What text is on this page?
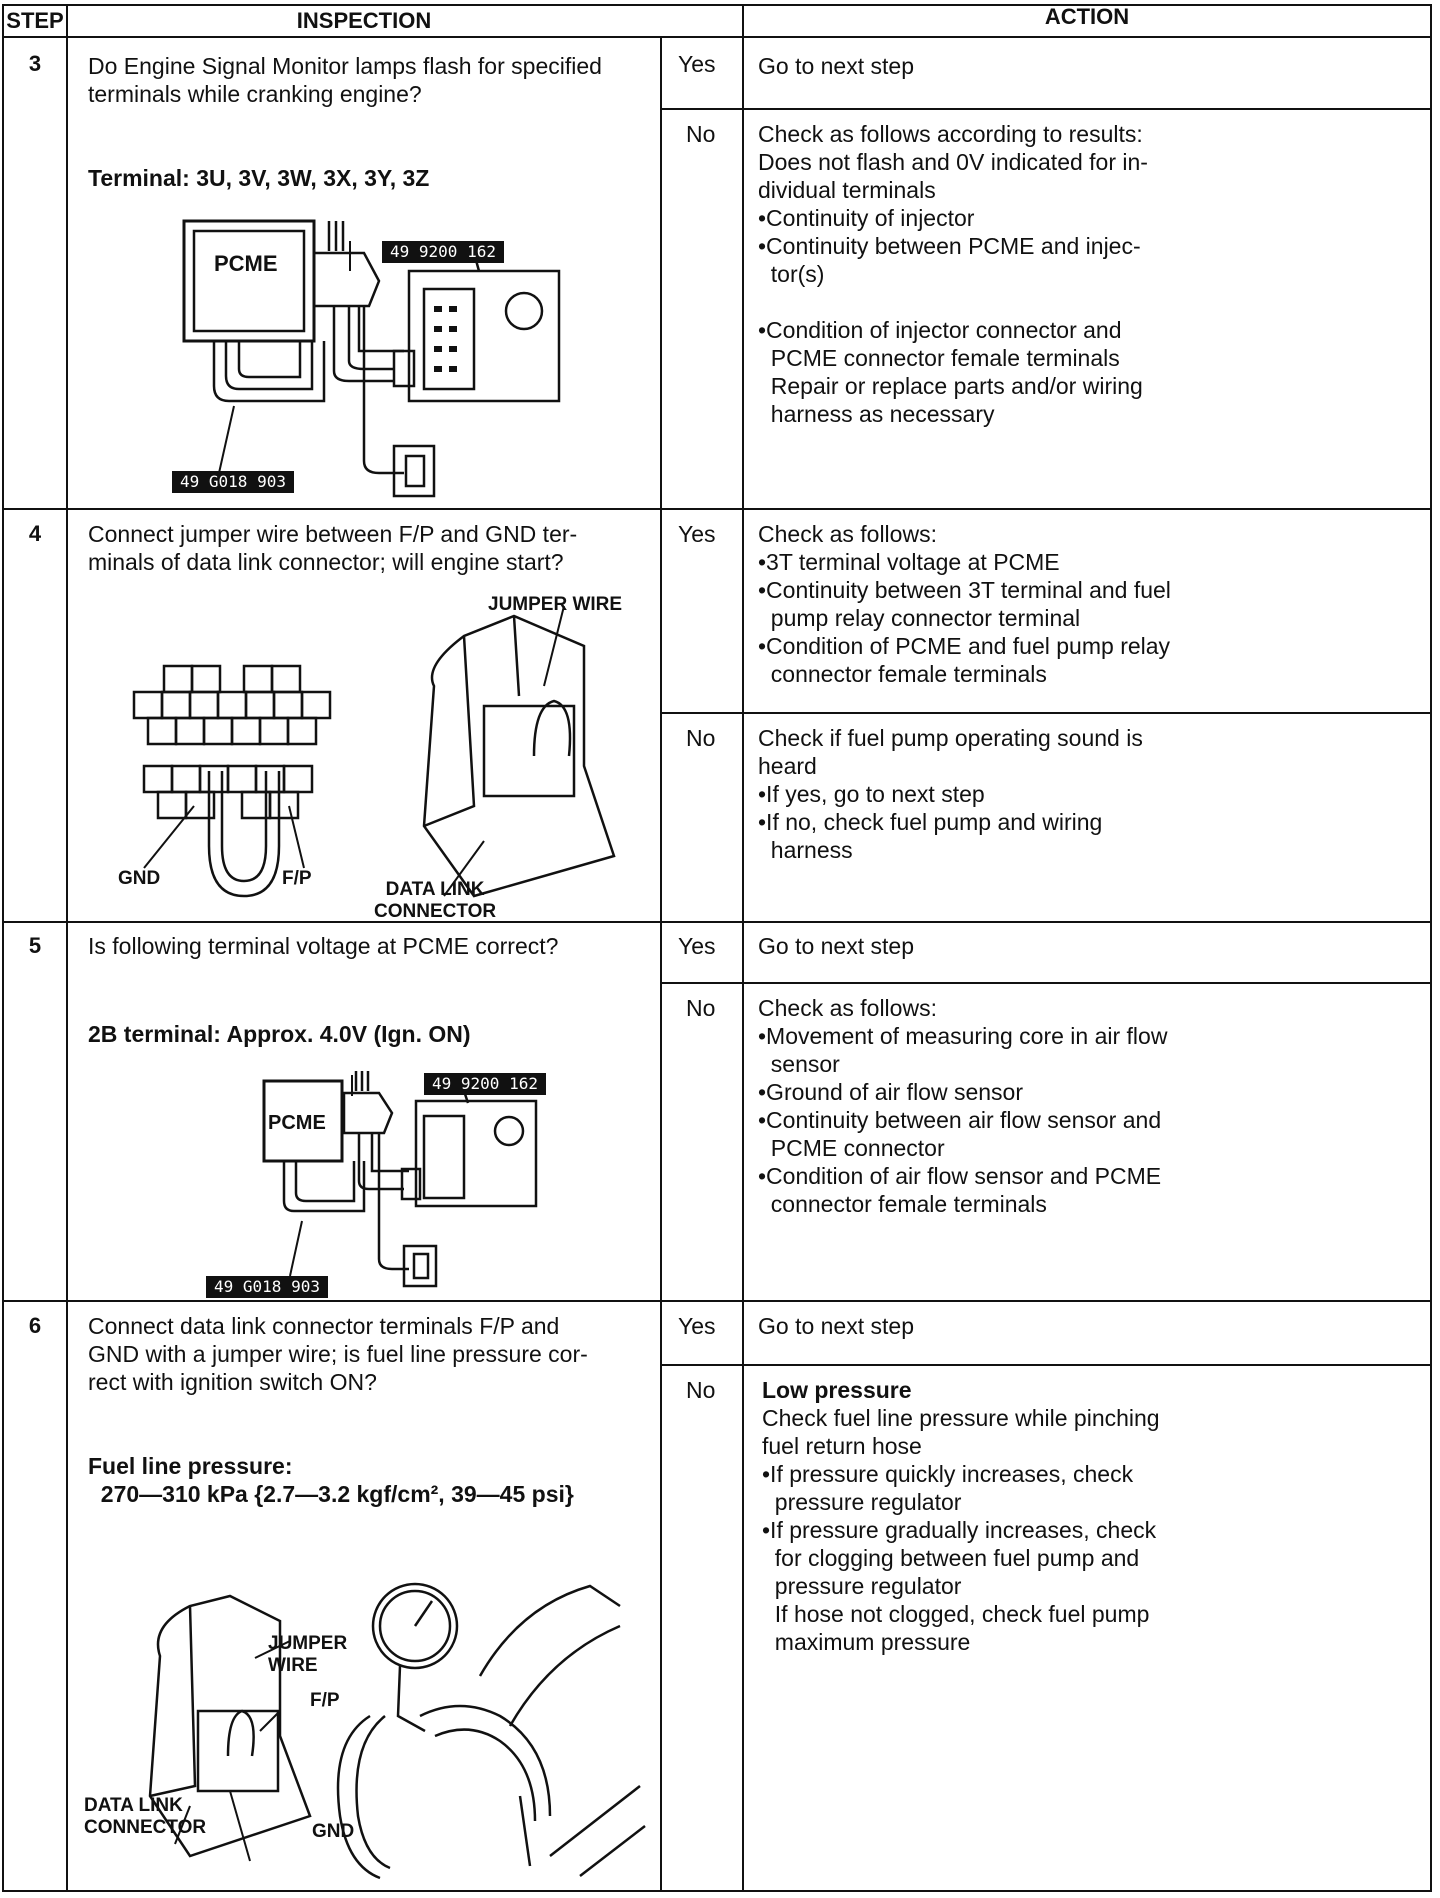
STEP	INSPECTION	ACTION
3	Do Engine Signal Monitor lamps flash for specified
terminals while cranking engine?
Terminal: 3U, 3V, 3W, 3X, 3Y, 3Z
PCME	49 9200 162
49 G018 903
Yes Go to next step
No Check as follows according to results:
Does not flash and 0V indicated for in-
dividual terminals
•Continuity of injector
•Continuity between PCME and injec-
tor(s)

•Condition of injector connector and
PCME connector female terminals
Repair or replace parts and/or wiring
harness as necessary
4	Connect jumper wire between F/P and GND ter-
minals of data link connector; will engine start?
JUMPER WIRE
GND	F/P
DATA LINK
CONNECTOR
Yes Check as follows:
•3T terminal voltage at PCME
•Continuity between 3T terminal and fuel
pump relay connector terminal
•Condition of PCME and fuel pump relay
connector female terminals
No Check if fuel pump operating sound is
heard
•If yes, go to next step
•If no, check fuel pump and wiring
harness
5	Is following terminal voltage at PCME correct?
2B terminal: Approx. 4.0V (Ign. ON)
PCME
49 9200 162
49 G018 903
Yes Go to next step
No Check as follows:
•Movement of measuring core in air flow
sensor
•Ground of air flow sensor
•Continuity between air flow sensor and
PCME connector
•Condition of air flow sensor and PCME
connector female terminals
6	Connect data link connector terminals F/P and
GND with a jumper wire; is fuel line pressure cor-
rect with ignition switch ON?
Fuel line pressure:
270—310 kPa {2.7—3.2 kgf/cm², 39—45 psi}
JUMPER
WIRE
F/P
DATA LINK
CONNECTOR	GND
Yes Go to next step
No Low pressure
Check fuel line pressure while pinching
fuel return hose
•If pressure quickly increases, check
pressure regulator
•If pressure gradually increases, check
for clogging between fuel pump and
pressure regulator
If hose not clogged, check fuel pump
maximum pressure
